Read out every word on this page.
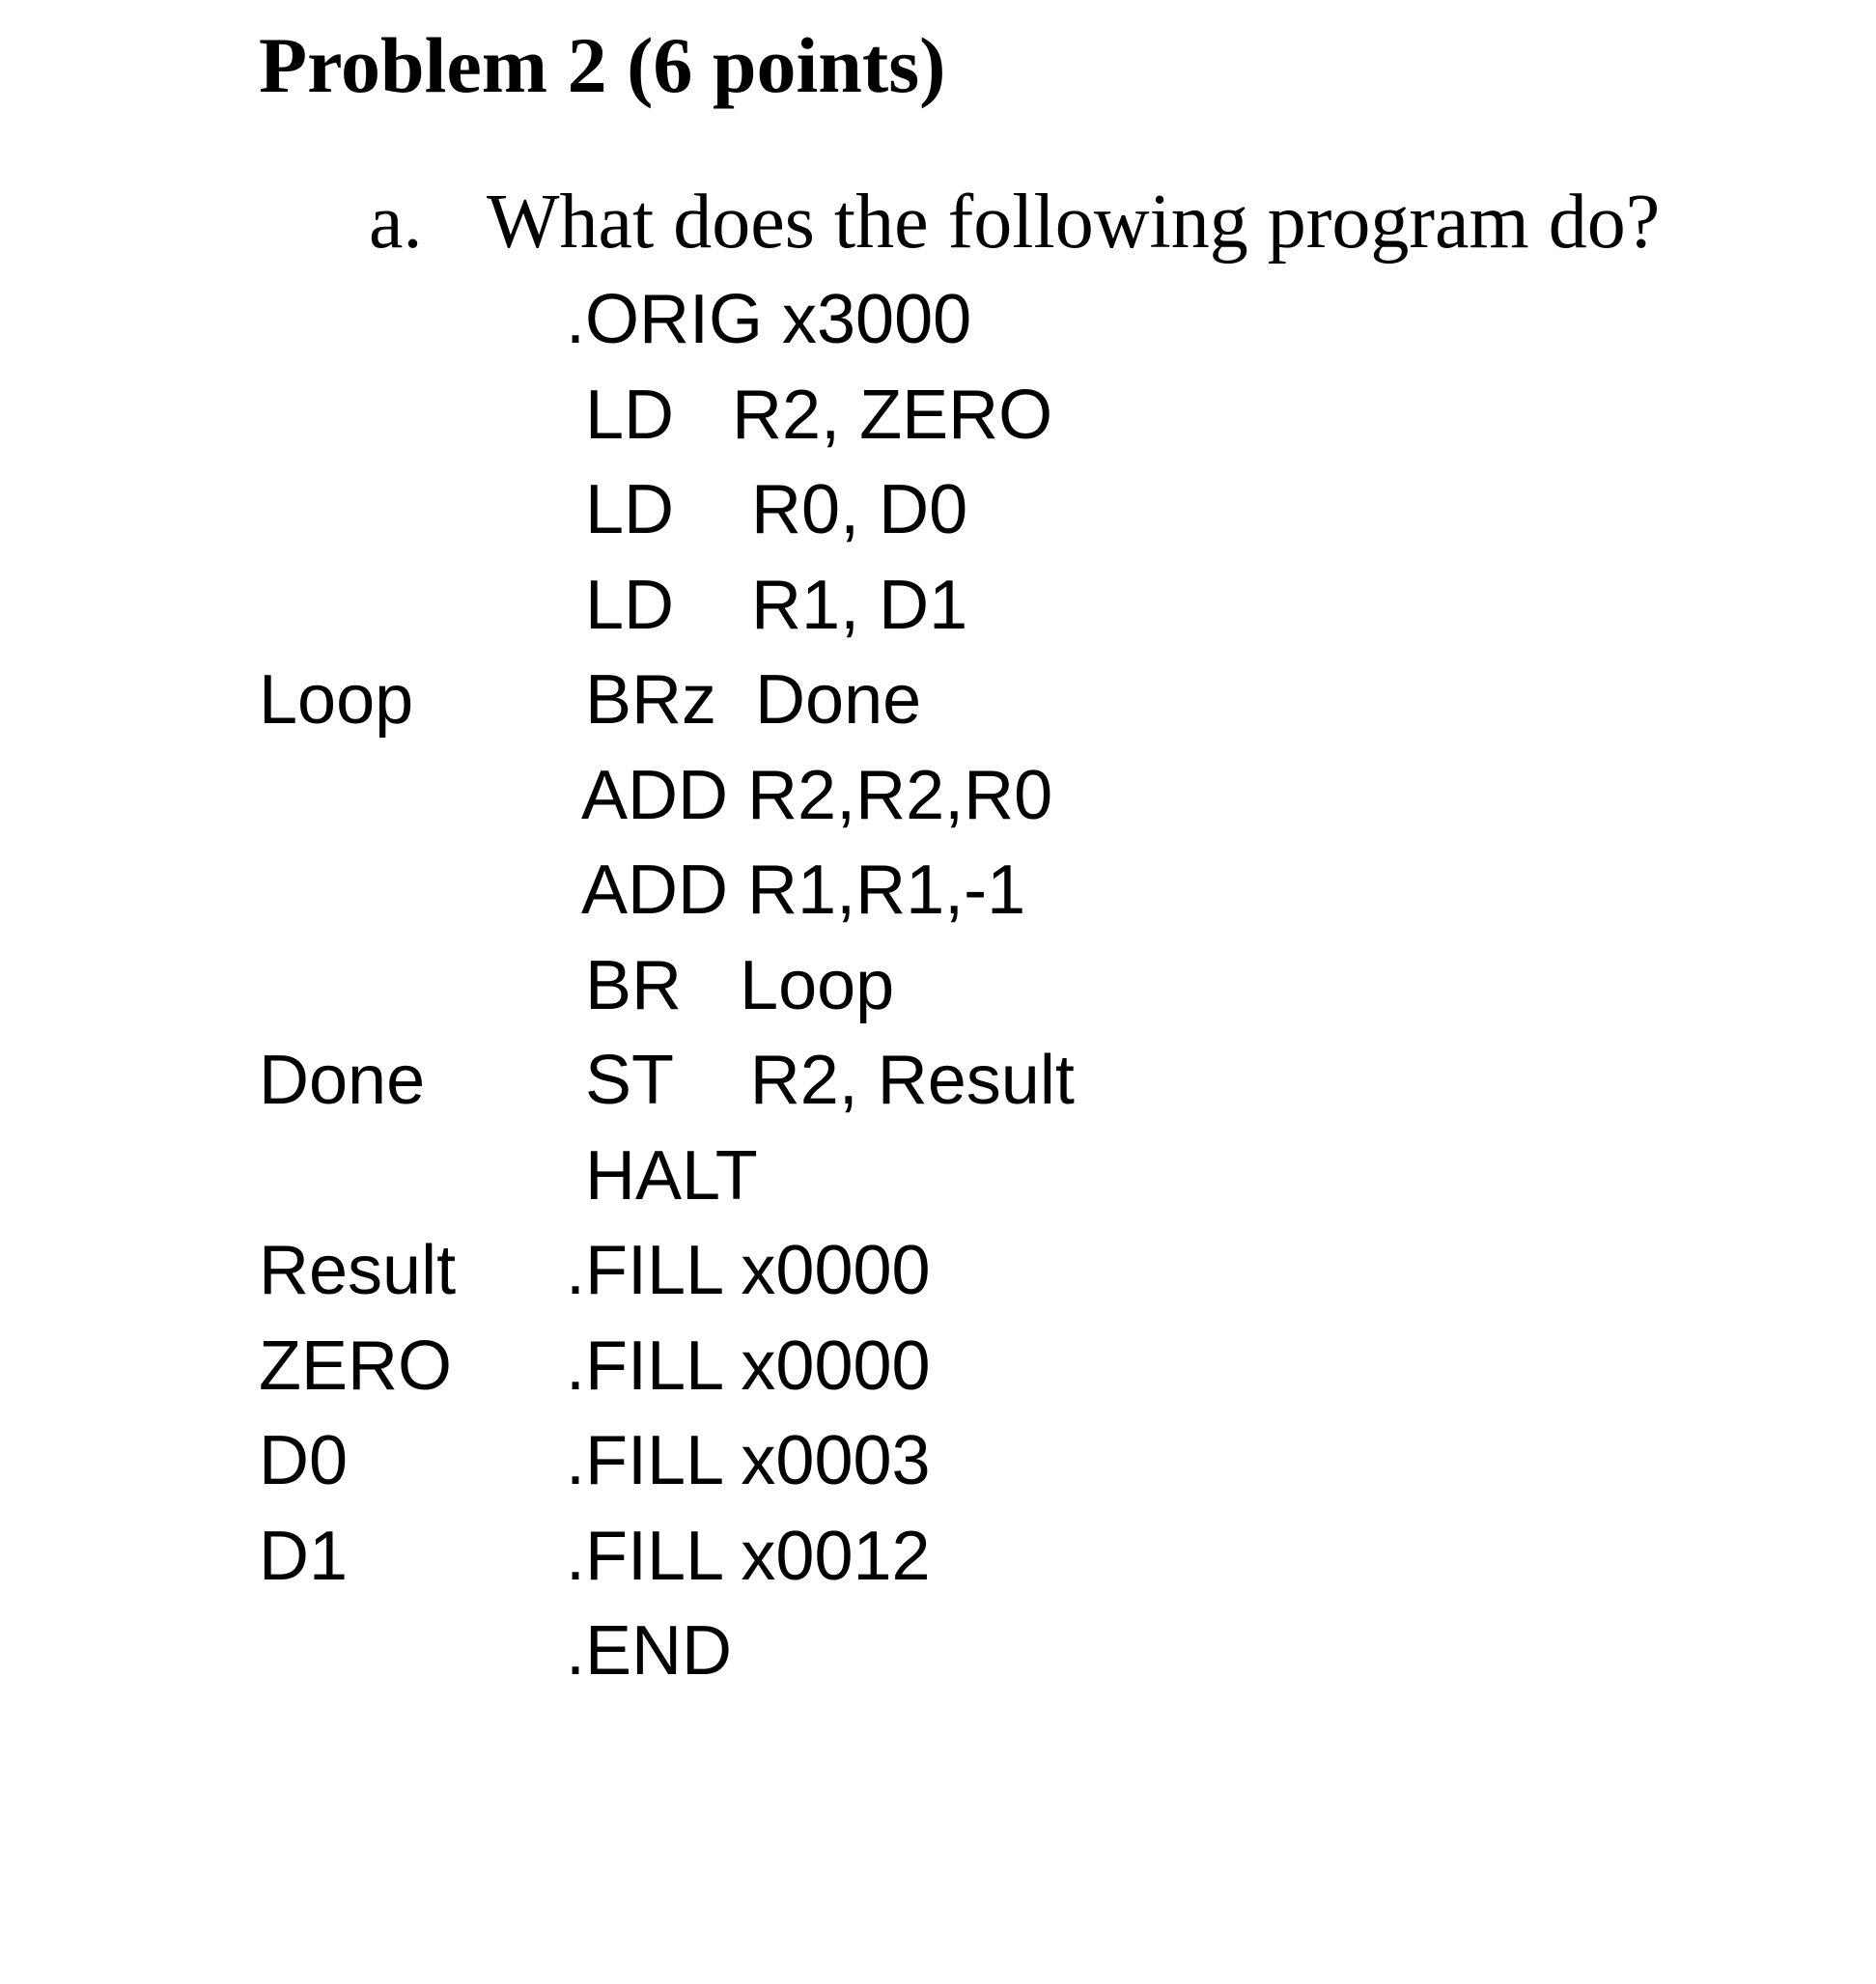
Problem 2 (6 points)
a. What does the following program do?

.ORIG x3000

LD   R2, ZERO

LD    R0, D0

LD    R1, D1

Loop

BRz  Done

ADD R2,R2,R0

ADD R1,R1,-1

BR   Loop

Done

ST    R2, Result

HALT

Result

.FILL x0000

ZERO

.FILL x0000

D0

	.FILL x0003

D1

	.FILL x0012

.END
